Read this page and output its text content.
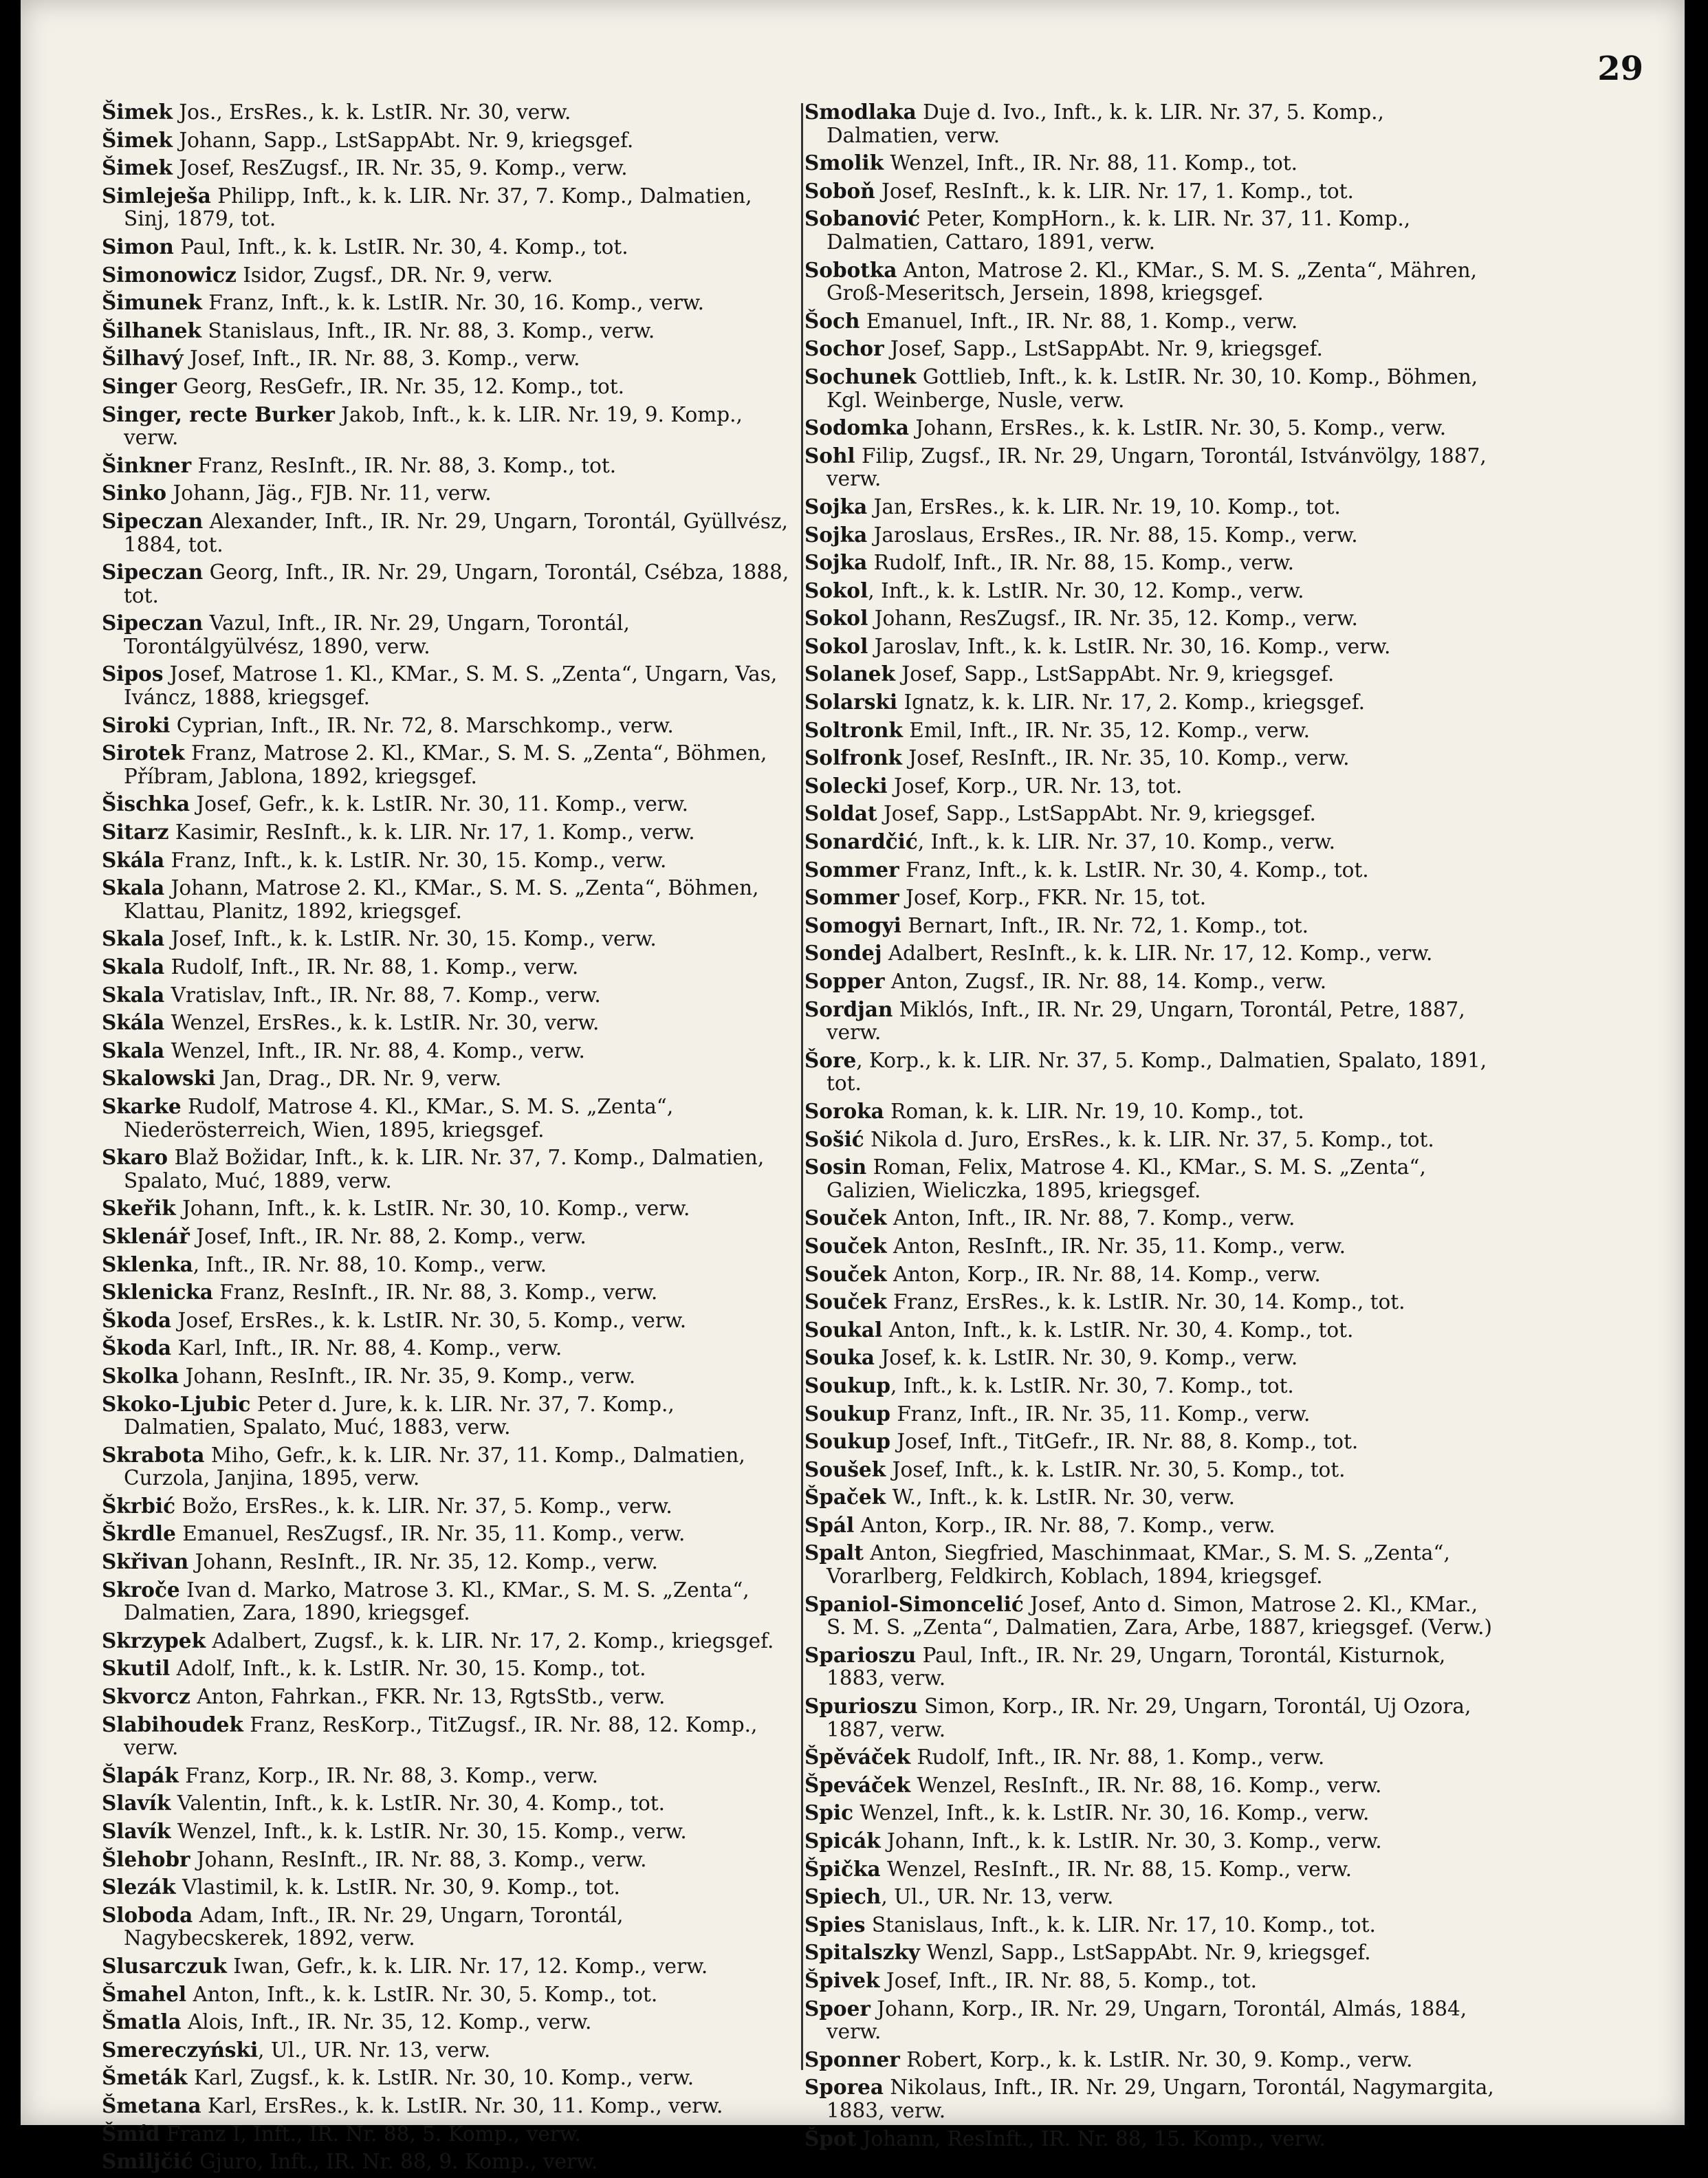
29
Šimek Jos., ErsRes., k. k. LstIR. Nr. 30, verw.
Šimek Johann, Sapp., LstSappAbt. Nr. 9, kriegsgef.
Šimek Josef, ResZugsf., IR. Nr. 35, 9. Komp., verw.
Simleješa Philipp, Inft., k. k. LIR. Nr. 37, 7. Komp., Dalmatien, Sinj, 1879, tot.
Simon Paul, Inft., k. k. LstIR. Nr. 30, 4. Komp., tot.
Simonowicz Isidor, Zugsf., DR. Nr. 9, verw.
Šimunek Franz, Inft., k. k. LstIR. Nr. 30, 16. Komp., verw.
Šilhanek Stanislaus, Inft., IR. Nr. 88, 3. Komp., verw.
Šilhavý Josef, Inft., IR. Nr. 88, 3. Komp., verw.
Singer Georg, ResGefr., IR. Nr. 35, 12. Komp., tot.
Singer, recte Burker Jakob, Inft., k. k. LIR. Nr. 19, 9. Komp., verw.
Šinkner Franz, ResInft., IR. Nr. 88, 3. Komp., tot.
Sinko Johann, Jäg., FJB. Nr. 11, verw.
Sipeczan Alexander, Inft., IR. Nr. 29, Ungarn, Torontál, Gyüllvész, 1884, tot.
Sipeczan Georg, Inft., IR. Nr. 29, Ungarn, Torontál, Csébza, 1888, tot.
Sipeczan Vazul, Inft., IR. Nr. 29, Ungarn, Torontál, Torontálgyülvész, 1890, verw.
Sipos Josef, Matrose 1. Kl., KMar., S. M. S. „Zenta“, Ungarn, Vas, Iváncz, 1888, kriegsgef.
Siroki Cyprian, Inft., IR. Nr. 72, 8. Marschkomp., verw.
Sirotek Franz, Matrose 2. Kl., KMar., S. M. S. „Zenta“, Böhmen, Příbram, Jablona, 1892, kriegsgef.
Šischka Josef, Gefr., k. k. LstIR. Nr. 30, 11. Komp., verw.
Sitarz Kasimir, ResInft., k. k. LIR. Nr. 17, 1. Komp., verw.
Skála Franz, Inft., k. k. LstIR. Nr. 30, 15. Komp., verw.
Skala Johann, Matrose 2. Kl., KMar., S. M. S. „Zenta“, Böhmen, Klattau, Planitz, 1892, kriegsgef.
Skala Josef, Inft., k. k. LstIR. Nr. 30, 15. Komp., verw.
Skala Rudolf, Inft., IR. Nr. 88, 1. Komp., verw.
Skala Vratislav, Inft., IR. Nr. 88, 7. Komp., verw.
Skála Wenzel, ErsRes., k. k. LstIR. Nr. 30, verw.
Skala Wenzel, Inft., IR. Nr. 88, 4. Komp., verw.
Skalowski Jan, Drag., DR. Nr. 9, verw.
Skarke Rudolf, Matrose 4. Kl., KMar., S. M. S. „Zenta“, Niederösterreich, Wien, 1895, kriegsgef.
Skaro Blaž Božidar, Inft., k. k. LIR. Nr. 37, 7. Komp., Dalmatien, Spalato, Muć, 1889, verw.
Skeřik Johann, Inft., k. k. LstIR. Nr. 30, 10. Komp., verw.
Sklenář Josef, Inft., IR. Nr. 88, 2. Komp., verw.
Sklenka, Inft., IR. Nr. 88, 10. Komp., verw.
Sklenicka Franz, ResInft., IR. Nr. 88, 3. Komp., verw.
Škoda Josef, ErsRes., k. k. LstIR. Nr. 30, 5. Komp., verw.
Škoda Karl, Inft., IR. Nr. 88, 4. Komp., verw.
Skolka Johann, ResInft., IR. Nr. 35, 9. Komp., verw.
Skoko-Ljubic Peter d. Jure, k. k. LIR. Nr. 37, 7. Komp., Dalmatien, Spalato, Muć, 1883, verw.
Skrabota Miho, Gefr., k. k. LIR. Nr. 37, 11. Komp., Dalmatien, Curzola, Janjina, 1895, verw.
Škrbić Božo, ErsRes., k. k. LIR. Nr. 37, 5. Komp., verw.
Škrdle Emanuel, ResZugsf., IR. Nr. 35, 11. Komp., verw.
Skřivan Johann, ResInft., IR. Nr. 35, 12. Komp., verw.
Skroče Ivan d. Marko, Matrose 3. Kl., KMar., S. M. S. „Zenta“, Dalmatien, Zara, 1890, kriegsgef.
Skrzypek Adalbert, Zugsf., k. k. LIR. Nr. 17, 2. Komp., kriegsgef.
Skutil Adolf, Inft., k. k. LstIR. Nr. 30, 15. Komp., tot.
Skvorcz Anton, Fahrkan., FKR. Nr. 13, RgtsStb., verw.
Slabihoudek Franz, ResKorp., TitZugsf., IR. Nr. 88, 12. Komp., verw.
Šlapák Franz, Korp., IR. Nr. 88, 3. Komp., verw.
Slavík Valentin, Inft., k. k. LstIR. Nr. 30, 4. Komp., tot.
Slavík Wenzel, Inft., k. k. LstIR. Nr. 30, 15. Komp., verw.
Šlehobr Johann, ResInft., IR. Nr. 88, 3. Komp., verw.
Slezák Vlastimil, k. k. LstIR. Nr. 30, 9. Komp., tot.
Sloboda Adam, Inft., IR. Nr. 29, Ungarn, Torontál, Nagybecskerek, 1892, verw.
Slusarczuk Iwan, Gefr., k. k. LIR. Nr. 17, 12. Komp., verw.
Šmahel Anton, Inft., k. k. LstIR. Nr. 30, 5. Komp., tot.
Šmatla Alois, Inft., IR. Nr. 35, 12. Komp., verw.
Smereczyński, Ul., UR. Nr. 13, verw.
Šmeták Karl, Zugsf., k. k. LstIR. Nr. 30, 10. Komp., verw.
Šmetana Karl, ErsRes., k. k. LstIR. Nr. 30, 11. Komp., verw.
Šmíd Franz I, Inft., IR. Nr. 88, 5. Komp., verw.
Smiljčić Gjuro, Inft., IR. Nr. 88, 9. Komp., verw.
Smodlaka Duje d. Ivo., Inft., k. k. LIR. Nr. 37, 5. Komp., Dalmatien, verw.
Smolik Wenzel, Inft., IR. Nr. 88, 11. Komp., tot.
Soboň Josef, ResInft., k. k. LIR. Nr. 17, 1. Komp., tot.
Sobanović Peter, KompHorn., k. k. LIR. Nr. 37, 11. Komp., Dalmatien, Cattaro, 1891, verw.
Sobotka Anton, Matrose 2. Kl., KMar., S. M. S. „Zenta“, Mähren, Groß-Meseritsch, Jersein, 1898, kriegsgef.
Šoch Emanuel, Inft., IR. Nr. 88, 1. Komp., verw.
Sochor Josef, Sapp., LstSappAbt. Nr. 9, kriegsgef.
Sochunek Gottlieb, Inft., k. k. LstIR. Nr. 30, 10. Komp., Böhmen, Kgl. Weinberge, Nusle, verw.
Sodomka Johann, ErsRes., k. k. LstIR. Nr. 30, 5. Komp., verw.
Sohl Filip, Zugsf., IR. Nr. 29, Ungarn, Torontál, Istvánvölgy, 1887, verw.
Sojka Jan, ErsRes., k. k. LIR. Nr. 19, 10. Komp., tot.
Sojka Jaroslaus, ErsRes., IR. Nr. 88, 15. Komp., verw.
Sojka Rudolf, Inft., IR. Nr. 88, 15. Komp., verw.
Sokol, Inft., k. k. LstIR. Nr. 30, 12. Komp., verw.
Sokol Johann, ResZugsf., IR. Nr. 35, 12. Komp., verw.
Sokol Jaroslav, Inft., k. k. LstIR. Nr. 30, 16. Komp., verw.
Solanek Josef, Sapp., LstSappAbt. Nr. 9, kriegsgef.
Solarski Ignatz, k. k. LIR. Nr. 17, 2. Komp., kriegsgef.
Soltronk Emil, Inft., IR. Nr. 35, 12. Komp., verw.
Solfronk Josef, ResInft., IR. Nr. 35, 10. Komp., verw.
Solecki Josef, Korp., UR. Nr. 13, tot.
Soldat Josef, Sapp., LstSappAbt. Nr. 9, kriegsgef.
Sonardčić, Inft., k. k. LIR. Nr. 37, 10. Komp., verw.
Sommer Franz, Inft., k. k. LstIR. Nr. 30, 4. Komp., tot.
Sommer Josef, Korp., FKR. Nr. 15, tot.
Somogyi Bernart, Inft., IR. Nr. 72, 1. Komp., tot.
Sondej Adalbert, ResInft., k. k. LIR. Nr. 17, 12. Komp., verw.
Sopper Anton, Zugsf., IR. Nr. 88, 14. Komp., verw.
Sordjan Miklós, Inft., IR. Nr. 29, Ungarn, Torontál, Petre, 1887, verw.
Šore, Korp., k. k. LIR. Nr. 37, 5. Komp., Dalmatien, Spalato, 1891, tot.
Soroka Roman, k. k. LIR. Nr. 19, 10. Komp., tot.
Sošić Nikola d. Juro, ErsRes., k. k. LIR. Nr. 37, 5. Komp., tot.
Sosin Roman, Felix, Matrose 4. Kl., KMar., S. M. S. „Zenta“, Galizien, Wieliczka, 1895, kriegsgef.
Souček Anton, Inft., IR. Nr. 88, 7. Komp., verw.
Souček Anton, ResInft., IR. Nr. 35, 11. Komp., verw.
Souček Anton, Korp., IR. Nr. 88, 14. Komp., verw.
Souček Franz, ErsRes., k. k. LstIR. Nr. 30, 14. Komp., tot.
Soukal Anton, Inft., k. k. LstIR. Nr. 30, 4. Komp., tot.
Souka Josef, k. k. LstIR. Nr. 30, 9. Komp., verw.
Soukup, Inft., k. k. LstIR. Nr. 30, 7. Komp., tot.
Soukup Franz, Inft., IR. Nr. 35, 11. Komp., verw.
Soukup Josef, Inft., TitGefr., IR. Nr. 88, 8. Komp., tot.
Soušek Josef, Inft., k. k. LstIR. Nr. 30, 5. Komp., tot.
Špaček W., Inft., k. k. LstIR. Nr. 30, verw.
Spál Anton, Korp., IR. Nr. 88, 7. Komp., verw.
Spalt Anton, Siegfried, Maschinmaat, KMar., S. M. S. „Zenta“, Vorarlberg, Feldkirch, Koblach, 1894, kriegsgef.
Spaniol-Simoncelić Josef, Anto d. Simon, Matrose 2. Kl., KMar., S. M. S. „Zenta“, Dalmatien, Zara, Arbe, 1887, kriegsgef. (Verw.)
Sparioszu Paul, Inft., IR. Nr. 29, Ungarn, Torontál, Kisturnok, 1883, verw.
Spurioszu Simon, Korp., IR. Nr. 29, Ungarn, Torontál, Uj Ozora, 1887, verw.
Špěváček Rudolf, Inft., IR. Nr. 88, 1. Komp., verw.
Špeváček Wenzel, ResInft., IR. Nr. 88, 16. Komp., verw.
Spic Wenzel, Inft., k. k. LstIR. Nr. 30, 16. Komp., verw.
Spicák Johann, Inft., k. k. LstIR. Nr. 30, 3. Komp., verw.
Špička Wenzel, ResInft., IR. Nr. 88, 15. Komp., verw.
Spiech, Ul., UR. Nr. 13, verw.
Spies Stanislaus, Inft., k. k. LIR. Nr. 17, 10. Komp., tot.
Spitalszky Wenzl, Sapp., LstSappAbt. Nr. 9, kriegsgef.
Špivek Josef, Inft., IR. Nr. 88, 5. Komp., tot.
Spoer Johann, Korp., IR. Nr. 29, Ungarn, Torontál, Almás, 1884, verw.
Sponner Robert, Korp., k. k. LstIR. Nr. 30, 9. Komp., verw.
Sporea Nikolaus, Inft., IR. Nr. 29, Ungarn, Torontál, Nagymargita, 1883, verw.
Špot Johann, ResInft., IR. Nr. 88, 15. Komp., verw.
